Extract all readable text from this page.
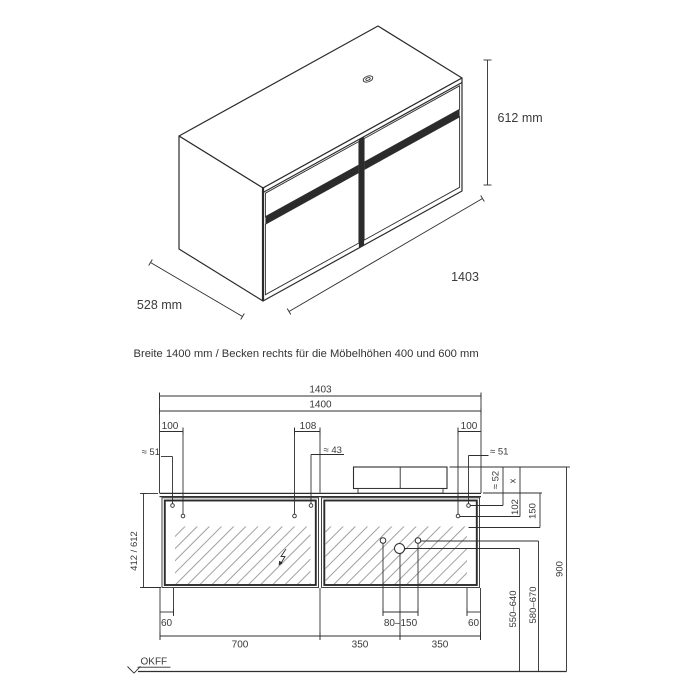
612 mm
1403
528 mm
Breite 1400 mm / Becken rechts für die Möbelhöhen 400 und 600 mm
1403
1400
100	108	100
≈ 51	≈ 43	≈ 51
≈ 52 x
102 150
412 / 612
60	80–150	60
700	350	350
550–640 580–670
900
OKFF
